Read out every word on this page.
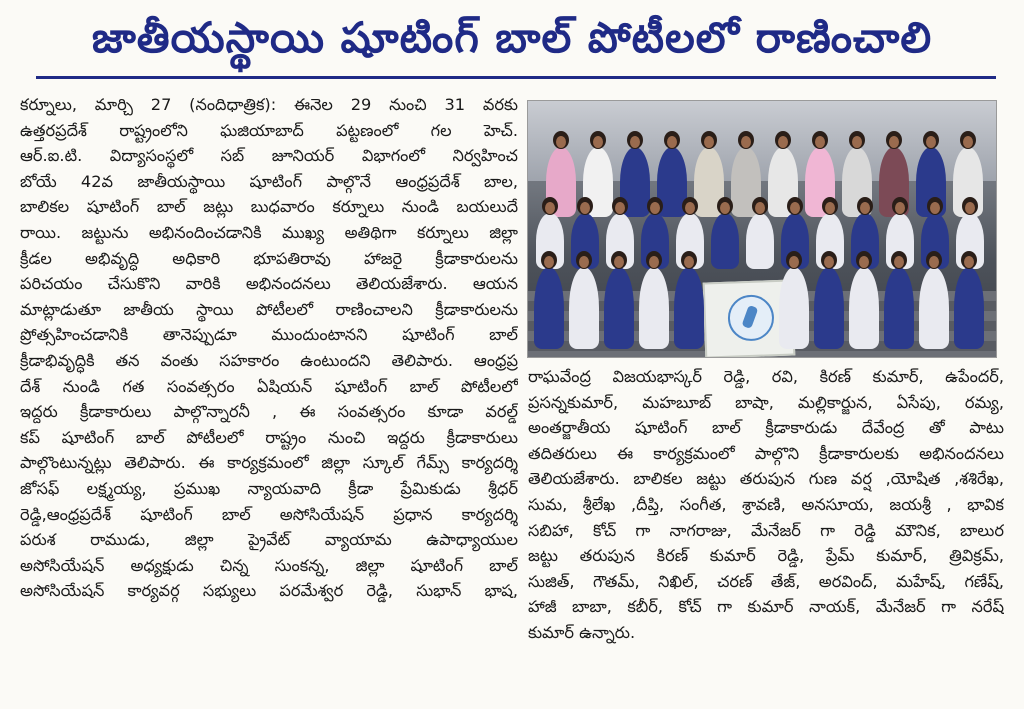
జాతీయస్థాయి షూటింగ్ బాల్ పోటీలలో రాణించాలి
కర్నూలు, మార్చి 27 (నందిధాత్రిక): ఈనెల 29 నుంచి 31 వరకు
ఉత్తరప్రదేశ్ రాష్ట్రంలోని ఘజియాబాద్ పట్టణంలో గల హెచ్.
ఆర్.ఐ.టి. విద్యాసంస్థలో సబ్ జూనియర్ విభాగంలో నిర్వహించ
బోయే 42వ జాతీయస్థాయి షూటింగ్ పాల్గొనే ఆంధ్రప్రదేశ్ బాల,
బాలికల షూటింగ్ బాల్ జట్లు బుధవారం కర్నూలు నుండి బయలుదే
రాయి. జట్టును అభినందించడానికి ముఖ్య అతిథిగా కర్నూలు జిల్లా
క్రీడల అభివృద్ధి అధికారి భూపతిరావు హాజరై క్రీడాకారులను
పరిచయం చేసుకొని వారికి అభినందనలు తెలియజేశారు. ఆయన
మాట్లాడుతూ జాతీయ స్థాయి పోటీలలో రాణించాలని క్రీడాకారులను
ప్రోత్సహించడానికి తానెప్పుడూ ముందుంటానని షూటింగ్ బాల్
క్రీడాభివృద్ధికి తన వంతు సహకారం ఉంటుందని తెలిపారు. ఆంధ్రప్ర
దేశ్ నుండి గత సంవత్సరం ఏషియన్ షూటింగ్ బాల్ పోటీలలో
ఇద్దరు క్రీడాకారులు పాల్గొన్నారనీ , ఈ సంవత్సరం కూడా వరల్డ్
కప్ షూటింగ్ బాల్ పోటీలలో రాష్ట్రం నుంచి ఇద్దరు క్రీడాకారులు
పాల్గొంటున్నట్లు తెలిపారు. ఈ కార్యక్రమంలో జిల్లా స్కూల్ గేమ్స్ కార్యదర్శి
జోసఫ్ లక్ష్మయ్య, ప్రముఖ న్యాయవాది క్రీడా ప్రేమికుడు శ్రీధర్
రెడ్డి,ఆంధ్రప్రదేశ్ షూటింగ్ బాల్ అసోసియేషన్ ప్రధాన కార్యదర్శి
పరుశ రాముడు, జిల్లా ప్రైవేట్ వ్యాయామ ఉపాధ్యాయుల
అసోసియేషన్ అధ్యక్షుడు చిన్న సుంకన్న, జిల్లా షూటింగ్ బాల్
అసోసియేషన్ కార్యవర్గ సభ్యులు పరమేశ్వర రెడ్డి, సుభాన్ భాష,
రాఘవేంద్ర విజయభాస్కర్ రెడ్డి, రవి, కిరణ్ కుమార్, ఉపేందర్,
ప్రసన్నకుమార్, మహబూబ్ బాషా, మల్లికార్జున, ఏసేపు, రమ్య,
అంతర్జాతీయ షూటింగ్ బాల్ క్రీడాకారుడు దేవేంద్ర తో పాటు
తదితరులు ఈ కార్యక్రమంలో పాల్గొని క్రీడాకారులకు అభినందనలు
తెలియజేశారు. బాలికల జట్టు తరుపున గుణ వర్ష ,యోషిత ,శశిరేఖ,
సుమ, శ్రీలేఖ ,దీప్తి, సంగీత, శ్రావణి, అనసూయ, జయశ్రీ , భావిక
సబిహా, కోచ్ గా నాగరాజు, మేనేజర్ గా రెడ్డి మౌనిక, బాలుర
జట్టు తరుపున కిరణ్ కుమార్ రెడ్డి, ప్రేమ్ కుమార్, త్రివిక్రమ్,
సుజిత్, గౌతమ్, నిఖిల్, చరణ్ తేజ్, అరవింద్, మహేష్, గణేష్,
హాజీ బాబా, కబీర్, కోచ్ గా కుమార్ నాయక్, మేనేజర్ గా నరేష్
కుమార్ ఉన్నారు.
